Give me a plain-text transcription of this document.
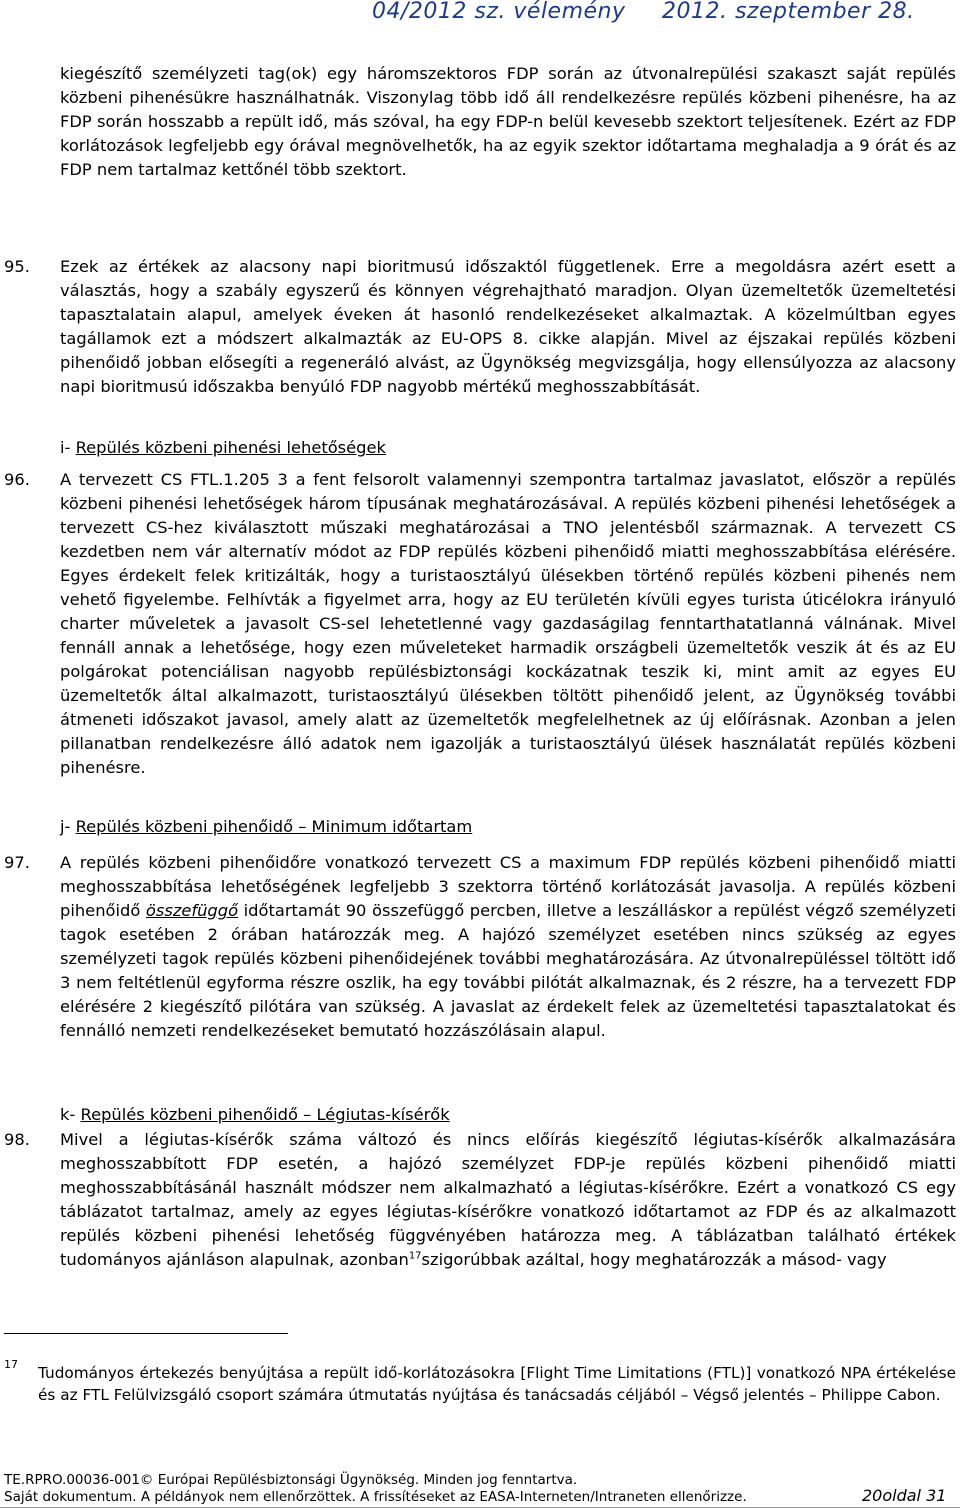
04/2012 sz. vélemény 2012. szeptember 28.
kiegészítő személyzeti tag(ok) egy háromszektoros FDP során az útvonalrepülési szakaszt saját repülés közbeni pihenésükre használhatnák. Viszonylag több idő áll rendelkezésre repülés közbeni pihenésre, ha az FDP során hosszabb a repült idő, más szóval, ha egy FDP-n belül kevesebb szektort teljesítenek. Ezért az FDP korlátozások legfeljebb egy órával megnövelhetők, ha az egyik szektor időtartama meghaladja a 9 órát és az FDP nem tartalmaz kettőnél több szektort.
95. Ezek az értékek az alacsony napi bioritmusú időszaktól függetlenek. Erre a megoldásra azért esett a választás, hogy a szabály egyszerű és könnyen végrehajtható maradjon. Olyan üzemeltetők üzemeltetési tapasztalatain alapul, amelyek éveken át hasonló rendelkezéseket alkalmaztak. A közelmúltban egyes tagállamok ezt a módszert alkalmazták az EU-OPS 8. cikke alapján. Mivel az éjszakai repülés közbeni pihenőidő jobban elősegíti a regeneráló alvást, az Ügynökség megvizsgálja, hogy ellensúlyozza az alacsony napi bioritmusú időszakba benyúló FDP nagyobb mértékű meghosszabbítását.
i- Repülés közbeni pihenési lehetőségek
96. A tervezett CS FTL.1.205 3 a fent felsorolt valamennyi szempontra tartalmaz javaslatot, először a repülés közbeni pihenési lehetőségek három típusának meghatározásával. A repülés közbeni pihenési lehetőségek a tervezett CS-hez kiválasztott műszaki meghatározásai a TNO jelentésből származnak. A tervezett CS kezdetben nem vár alternatív módot az FDP repülés közbeni pihenőidő miatti meghosszabbítása elérésére. Egyes érdekelt felek kritizálták, hogy a turistaosztályú ülésekben történő repülés közbeni pihenés nem vehető figyelembe. Felhívták a figyelmet arra, hogy az EU területén kívüli egyes turista úticélokra irányuló charter műveletek a javasolt CS-sel lehetetlenné vagy gazdaságilag fenntarthatatlanná válnának. Mivel fennáll annak a lehetősége, hogy ezen műveleteket harmadik országbeli üzemeltetők veszik át és az EU polgárokat potenciálisan nagyobb repülésbiztonsági kockázatnak teszik ki, mint amit az egyes EU üzemeltetők által alkalmazott, turistaosztályú ülésekben töltött pihenőidő jelent, az Ügynökség további átmeneti időszakot javasol, amely alatt az üzemeltetők megfelelhetnek az új előírásnak. Azonban a jelen pillanatban rendelkezésre álló adatok nem igazolják a turistaosztályú ülések használatát repülés közbeni pihenésre.
j- Repülés közbeni pihenőidő – Minimum időtartam
97. A repülés közbeni pihenőidőre vonatkozó tervezett CS a maximum FDP repülés közbeni pihenőidő miatti meghosszabbítása lehetőségének legfeljebb 3 szektorra történő korlátozását javasolja. A repülés közbeni pihenőidő összefüggő időtartamát 90 összefüggő percben, illetve a leszálláskor a repülést végző személyzeti tagok esetében 2 órában határozzák meg. A hajózó személyzet esetében nincs szükség az egyes személyzeti tagok repülés közbeni pihenőidejének további meghatározására. Az útvonalrepüléssel töltött idő 3 nem feltétlenül egyforma részre oszlik, ha egy további pilótát alkalmaznak, és 2 részre, ha a tervezett FDP elérésére 2 kiegészítő pilótára van szükség. A javaslat az érdekelt felek az üzemeltetési tapasztalatokat és fennálló nemzeti rendelkezéseket bemutató hozzászólásain alapul.
k- Repülés közbeni pihenőidő – Légiutas-kísérők
98. Mivel a légiutas-kísérők száma változó és nincs előírás kiegészítő légiutas-kísérők alkalmazására meghosszabbított FDP esetén, a hajózó személyzet FDP-je repülés közbeni pihenőidő miatti meghosszabbításánál használt módszer nem alkalmazható a légiutas-kísérőkre. Ezért a vonatkozó CS egy táblázatot tartalmaz, amely az egyes légiutas-kísérőkre vonatkozó időtartamot az FDP és az alkalmazott repülés közbeni pihenési lehetőség függvényében határozza meg. A táblázatban található értékek tudományos ajánláson alapulnak, azonban$^{17}$szigorúbbak azáltal, hogy meghatározzák a másod- vagy
17 Tudományos értekezés benyújtása a repült idő-korlátozásokra [Flight Time Limitations (FTL)] vonatkozó NPA értékelése és az FTL Felülvizsgáló csoport számára útmutatás nyújtása és tanácsadás céljából – Végső jelentés – Philippe Cabon.
TE.RPRO.00036-001© Európai Repülésbiztonsági Ügynökség. Minden jog fenntartva.
Saját dokumentum. A példányok nem ellenőrzöttek. A frissítéseket az EASA-Interneten/Intraneten ellenőrizze.	20oldal 31
